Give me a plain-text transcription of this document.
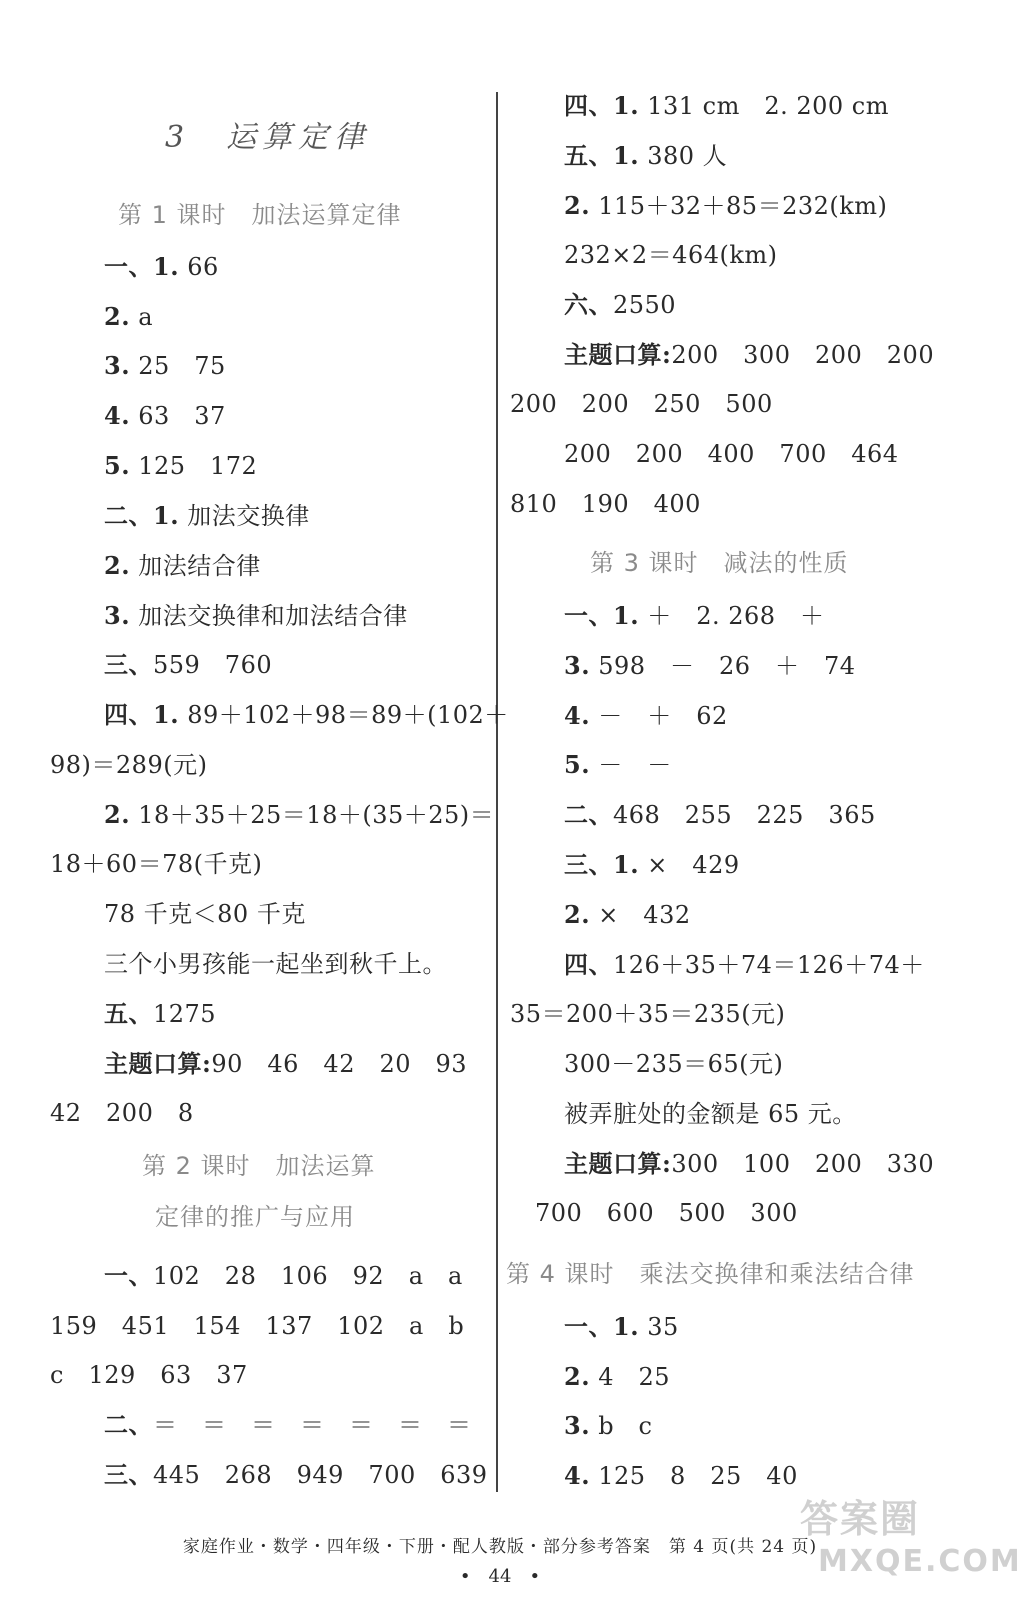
3　运算定律
第 1 课时　加法运算定律
一、1. 66
2. a
3. 25　75
4. 63　37
5. 125　172
二、1. 加法交换律
2. 加法结合律
3. 加法交换律和加法结合律
三、559　760
四、1. 89＋102＋98＝89＋(102＋
98)＝289(元)
2. 18＋35＋25＝18＋(35＋25)＝
18＋60＝78(千克)
78 千克＜80 千克
三个小男孩能一起坐到秋千上。
五、1275
主题口算:90　46　42　20　93
42　200　8
第 2 课时　加法运算
定律的推广与应用
一、102　28　106　92　a　a
159　451　154　137　102　a　b
c　129　63　37
二、＝　＝　＝　＝　＝　＝　＝
三、445　268　949　700　639
四、1. 131 cm　2. 200 cm
五、1. 380 人
2. 115＋32＋85＝232(km)
232×2＝464(km)
六、2550
主题口算:200　300　200　200
200　200　250　500
200　200　400　700　464
810　190　400
第 3 课时　减法的性质
一、1. ＋　2. 268　＋
3. 598　－　26　＋　74
4. －　＋　62
5. －　－
二、468　255　225　365
三、1. ×　429
2. ×　432
四、126＋35＋74＝126＋74＋
35＝200＋35＝235(元)
300－235＝65(元)
被弄脏处的金额是 65 元。
主题口算:300　100　200　330
700　600　500　300
第 4 课时　乘法交换律和乘法结合律
一、1. 35
2. 4　25
3. b　c
4. 125　8　25　40
家庭作业・数学・四年级・下册・配人教版・部分参考答案　第 4 页(共 24 页)
•　44　•
答案圈
MXQE.COM
